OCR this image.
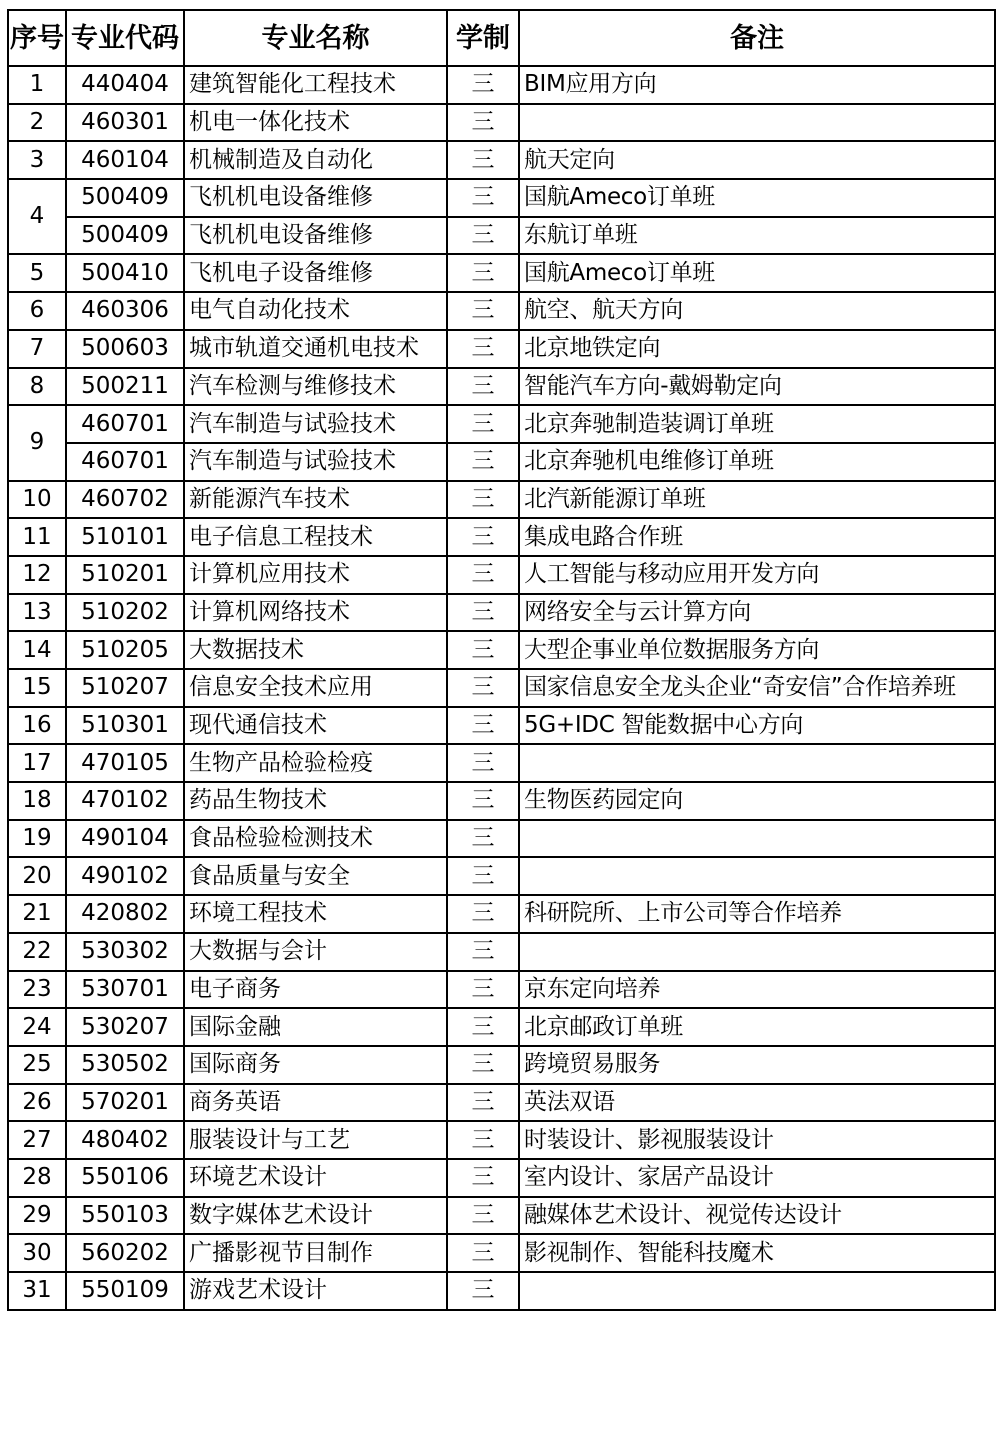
序号	专业代码	专业名称	学制	备注
1	440404	建筑智能化工程技术	三	BIM应用方向
2	460301	机电一体化技术	三	
3	460104	机械制造及自动化	三	航天定向
4	500409	飞机机电设备维修	三	国航Ameco订单班
	500409	飞机机电设备维修	三	东航订单班
5	500410	飞机电子设备维修	三	国航Ameco订单班
6	460306	电气自动化技术	三	航空、航天方向
7	500603	城市轨道交通机电技术	三	北京地铁定向
8	500211	汽车检测与维修技术	三	智能汽车方向-戴姆勒定向
9	460701	汽车制造与试验技术	三	北京奔驰制造装调订单班
	460701	汽车制造与试验技术	三	北京奔驰机电维修订单班
10	460702	新能源汽车技术	三	北汽新能源订单班
11	510101	电子信息工程技术	三	集成电路合作班
12	510201	计算机应用技术	三	人工智能与移动应用开发方向
13	510202	计算机网络技术	三	网络安全与云计算方向
14	510205	大数据技术	三	大型企事业单位数据服务方向
15	510207	信息安全技术应用	三	国家信息安全龙头企业“奇安信”合作培养班
16	510301	现代通信技术	三	5G+IDC 智能数据中心方向
17	470105	生物产品检验检疫	三	
18	470102	药品生物技术	三	生物医药园定向
19	490104	食品检验检测技术	三	
20	490102	食品质量与安全	三	
21	420802	环境工程技术	三	科研院所、上市公司等合作培养
22	530302	大数据与会计	三	
23	530701	电子商务	三	京东定向培养
24	530207	国际金融	三	北京邮政订单班
25	530502	国际商务	三	跨境贸易服务
26	570201	商务英语	三	英法双语
27	480402	服装设计与工艺	三	时装设计、影视服装设计
28	550106	环境艺术设计	三	室内设计、家居产品设计
29	550103	数字媒体艺术设计	三	融媒体艺术设计、视觉传达设计
30	560202	广播影视节目制作	三	影视制作、智能科技魔术
31	550109	游戏艺术设计	三	
